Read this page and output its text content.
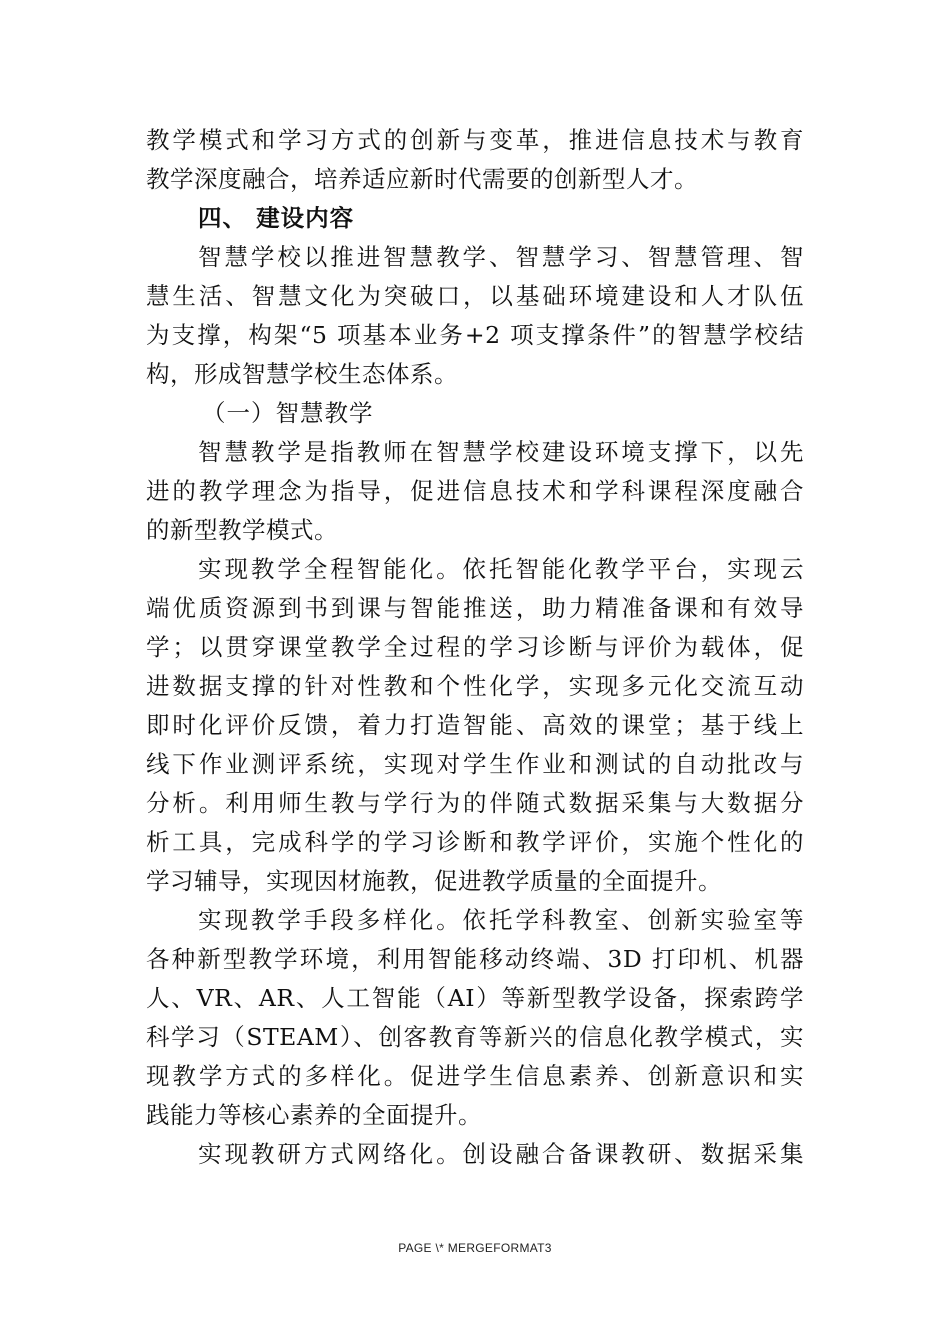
教学模式和学习方式的创新与变革，推进信息技术与教育
教学深度融合，培养适应新时代需要的创新型人才。
四、 建设内容
智慧学校以推进智慧教学、智慧学习、智慧管理、智
慧生活、智慧文化为突破口，以基础环境建设和人才队伍
为支撑，构架“5 项基本业务+2 项支撑条件”的智慧学校结
构，形成智慧学校生态体系。
（一）智慧教学
智慧教学是指教师在智慧学校建设环境支撑下，以先
进的教学理念为指导，促进信息技术和学科课程深度融合
的新型教学模式。
实现教学全程智能化。依托智能化教学平台，实现云
端优质资源到书到课与智能推送，助力精准备课和有效导
学；以贯穿课堂教学全过程的学习诊断与评价为载体，促
进数据支撑的针对性教和个性化学，实现多元化交流互动
即时化评价反馈，着力打造智能、高效的课堂；基于线上
线下作业测评系统，实现对学生作业和测试的自动批改与
分析。利用师生教与学行为的伴随式数据采集与大数据分
析工具，完成科学的学习诊断和教学评价，实施个性化的
学习辅导，实现因材施教，促进教学质量的全面提升。
实现教学手段多样化。依托学科教室、创新实验室等
各种新型教学环境，利用智能移动终端、3D 打印机、机器
人、VR、AR、人工智能（AI）等新型教学设备，探索跨学
科学习（STEAM）、创客教育等新兴的信息化教学模式，实
现教学方式的多样化。促进学生信息素养、创新意识和实
践能力等核心素养的全面提升。
实现教研方式网络化。创设融合备课教研、数据采集
PAGE \* MERGEFORMAT3
